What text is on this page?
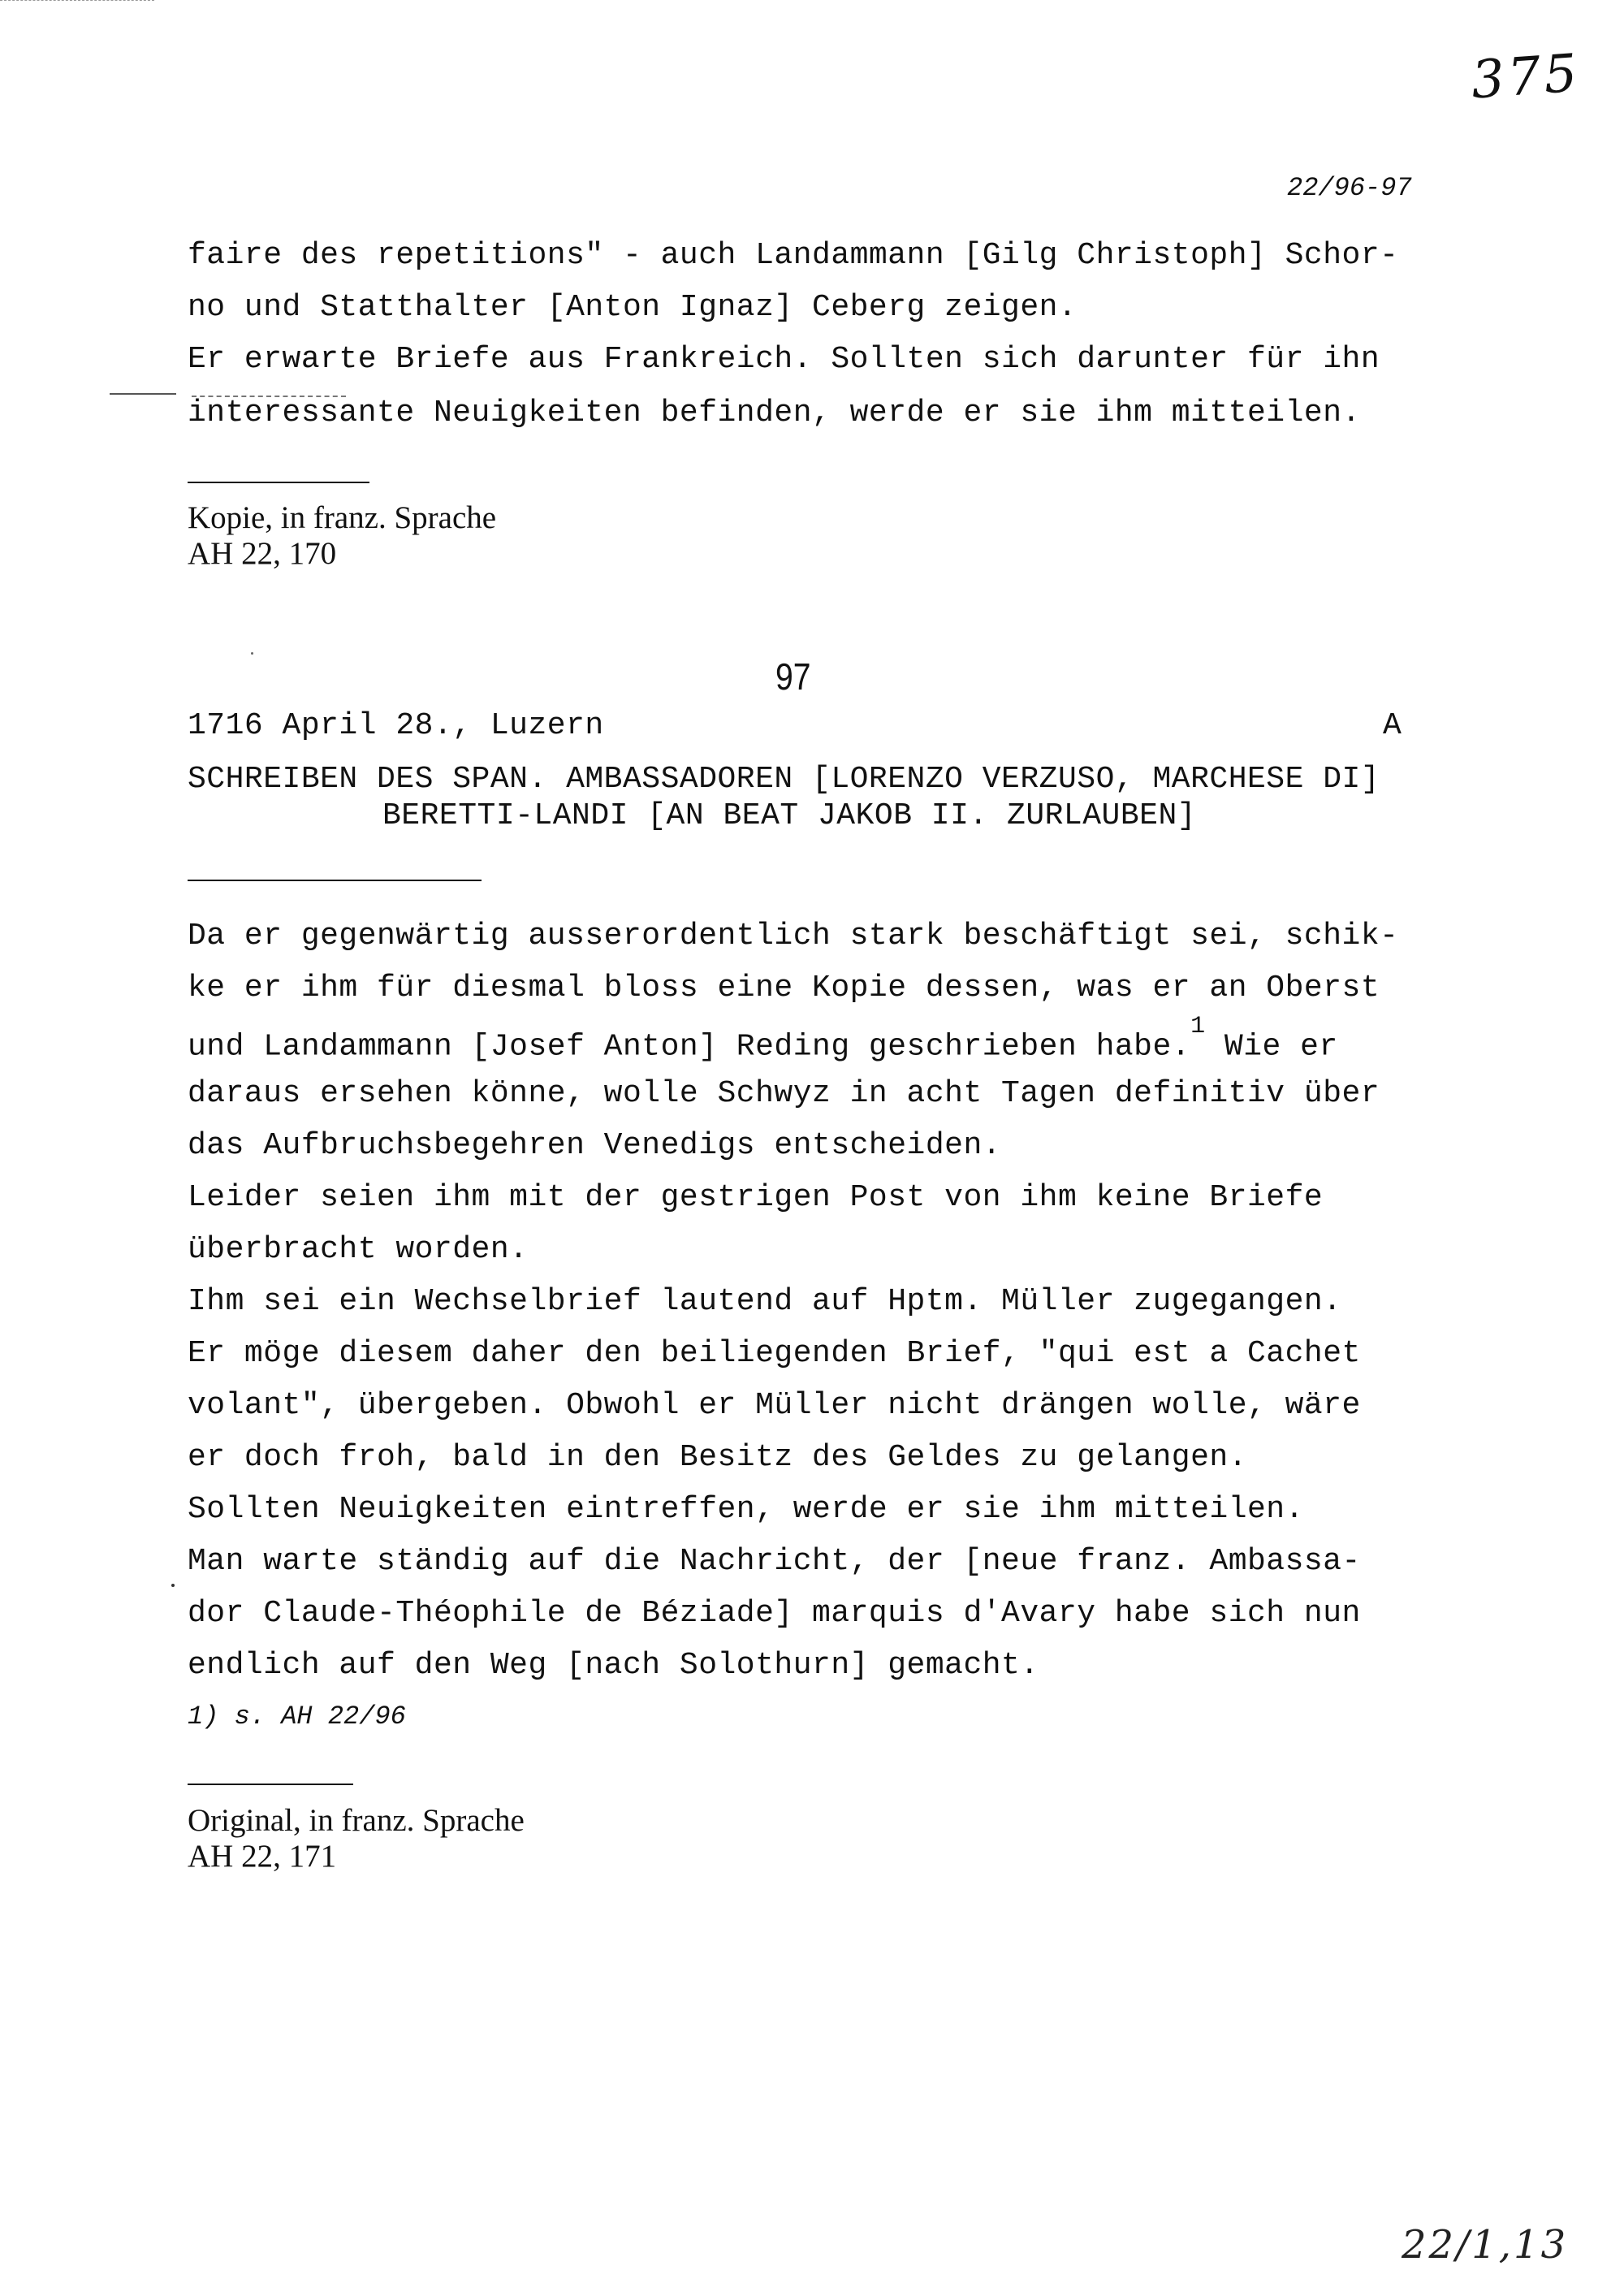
375
22/96-97
faire des repetitions" - auch Landammann [Gilg Christoph] Schor-
no und Statthalter [Anton Ignaz] Ceberg zeigen.
Er erwarte Briefe aus Frankreich. Sollten sich darunter für ihn
interessante Neuigkeiten befinden, werde er sie ihm mitteilen.
Kopie, in franz. Sprache
AH 22, 170
97
1716 April 28., Luzern	A
SCHREIBEN DES SPAN. AMBASSADOREN [LORENZO VERZUSO, MARCHESE DI]
BERETTI-LANDI [AN BEAT JAKOB II. ZURLAUBEN]
Da er gegenwärtig ausserordentlich stark beschäftigt sei, schik-
ke er ihm für diesmal bloss eine Kopie dessen, was er an Oberst
und Landammann [Josef Anton] Reding geschrieben habe.$^1$ Wie er
daraus ersehen könne, wolle Schwyz in acht Tagen definitiv über
das Aufbruchsbegehren Venedigs entscheiden.
Leider seien ihm mit der gestrigen Post von ihm keine Briefe
überbracht worden.
Ihm sei ein Wechselbrief lautend auf Hptm. Müller zugegangen.
Er möge diesem daher den beiliegenden Brief, "qui est a Cachet
volant", übergeben. Obwohl er Müller nicht drängen wolle, wäre
er doch froh, bald in den Besitz des Geldes zu gelangen.
Sollten Neuigkeiten eintreffen, werde er sie ihm mitteilen.
Man warte ständig auf die Nachricht, der [neue franz. Ambassa-
dor Claude-Théophile de Béziade] marquis d'Avary habe sich nun
endlich auf den Weg [nach Solothurn] gemacht.
1) s. AH 22/96
Original, in franz. Sprache
AH 22, 171
22/1,13
